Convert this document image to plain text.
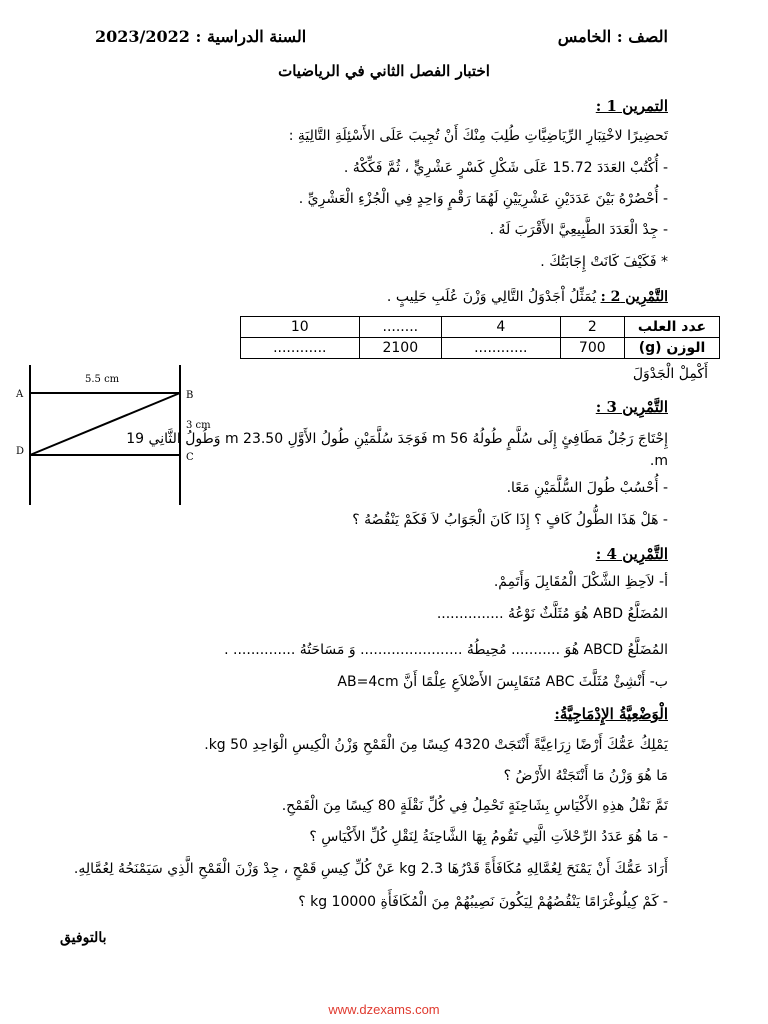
الصف : الخامس
السنة الدراسية : 2023/2022
اختبار الفصل الثاني في الرياضيات
التمرين 1 :
تَحضِيرًا لاخْتِبَارِ الرِّيَاضِيَّاتِ طُلِبَ مِنْكَ أَنْ تُجِيبَ عَلَى الأَسْئِلَةِ التَّالِيَةِ :
- أُكْتُبْ العَدَدَ 15.72 عَلَى شَكْلِ كَسْرٍ عَشْرِيٍّ ، ثُمَّ فَكِّكْهُ .
- أُحْصُرْهُ بَيْنَ عَدَدَيْنِ عَشْرِيَيْنِ لَهُمَا رَقْمٍ وَاحِدٍ فِي الْجُزْءِ الْعَشْرِيِّ .
- جِدْ الْعَدَدَ الطَّبِيعِيَّ الأَقْرَبَ لَهُ .
* فَكَيْفَ كَانَتْ إِجَابَتُكَ .
التَّمْرِين 2 : يُمَثِّلُ اْجَدْوَلُ التَّالِي وَزْنَ عُلَبِ حَلِيبٍ .
عدد العلب	2	4	........	10
الوزن (g)	700	............	2100	............
أَكْمِلْ الْجَدْوَلَ
5.5 cm
3 cm
A	B
C
D
التَّمْرِين 3 :
إِحْتَاجَ رَجُلٌ مَطَافِئٍ إِلَى سُلَّمٍ طُولُهُ 56 m فَوَجَدَ سُلَّمَيْنِ طُولُ الأَوَّلِ 23.50 m وَطُولُ الثَّانِي 19 m.
- أُحْسُبْ طُولَ السُّلَّمَيْنِ مَعًا.
- هَلْ هَذَا الطُّولُ كَافٍ ؟ إِذَا كَانَ الْجَوَابُ لاَ فَكَمْ يَنْقُصُهُ ؟
التَّمْرِين 4 :
أ- لاَحِظِ الشَّكْلَ الْمُقَابِلَ وَأَتَمِمْ.
المُضَلَّعُ ABD هُوَ مُثَلَّثٌ نَوْعُهُ ...............
المُضَلَّعُ ABCD هُوَ ........... مُحِيطُهُ ....................... وَ مَسَاحَتُهُ .............. .
ب- أَنْشِئْ مُثَلَّثَ ABC مُتَقَايِسَ الأَضْلاَعِ عِلْمًا أَنَّ AB=4cm
الْوَضْعِيَّةُ الإِدْمَاجِيَّةُ:
يَمْلِكُ عَمُّكَ أَرْضًا زِرَاعِيَّةً أَنْتَجَتْ 4320 كِيسًا مِنَ الْقَمْحِ وَزْنُ الْكِيسِ الْوَاحِدِ 50 kg.
مَا هُوَ وَزْنُ مَا أَنْتَجَتْهُ الأَرْضُ ؟
تَمَّ نَقْلُ هذِهِ الأَكْيَاسِ بِشَاحِنَةٍ تَحْمِلُ فِي كُلِّ نَقْلَةٍ 80 كِيسًا مِنَ الْقَمْحِ.
- مَا هُوَ عَدَدُ الرِّحْلاَتِ الَّتِي تَقُومُ بِهَا الشَّاحِنَةُ لِنَقْلِ كُلِّ الأَكْيَاسِ ؟
أَرَادَ عَمُّكَ أَنْ يَمْنَحَ لِعُمَّالِهِ مُكَافَأَةً قَدْرُهَا 2.3 kg عَنْ كُلِّ كِيسِ قَمْحٍ ، جِدْ وَزْنَ الْقَمْحِ الَّذِي سَيَمْنَحُهُ لِعُمَّالِهِ.
- كَمْ كِيلُوغْرَامًا يَنْقُصُهُمْ لِيَكُونَ نَصِيبُهُمْ مِنَ الْمُكَافَأَةِ 10000 kg ؟
بالتوفيق
www.dzexams.com
